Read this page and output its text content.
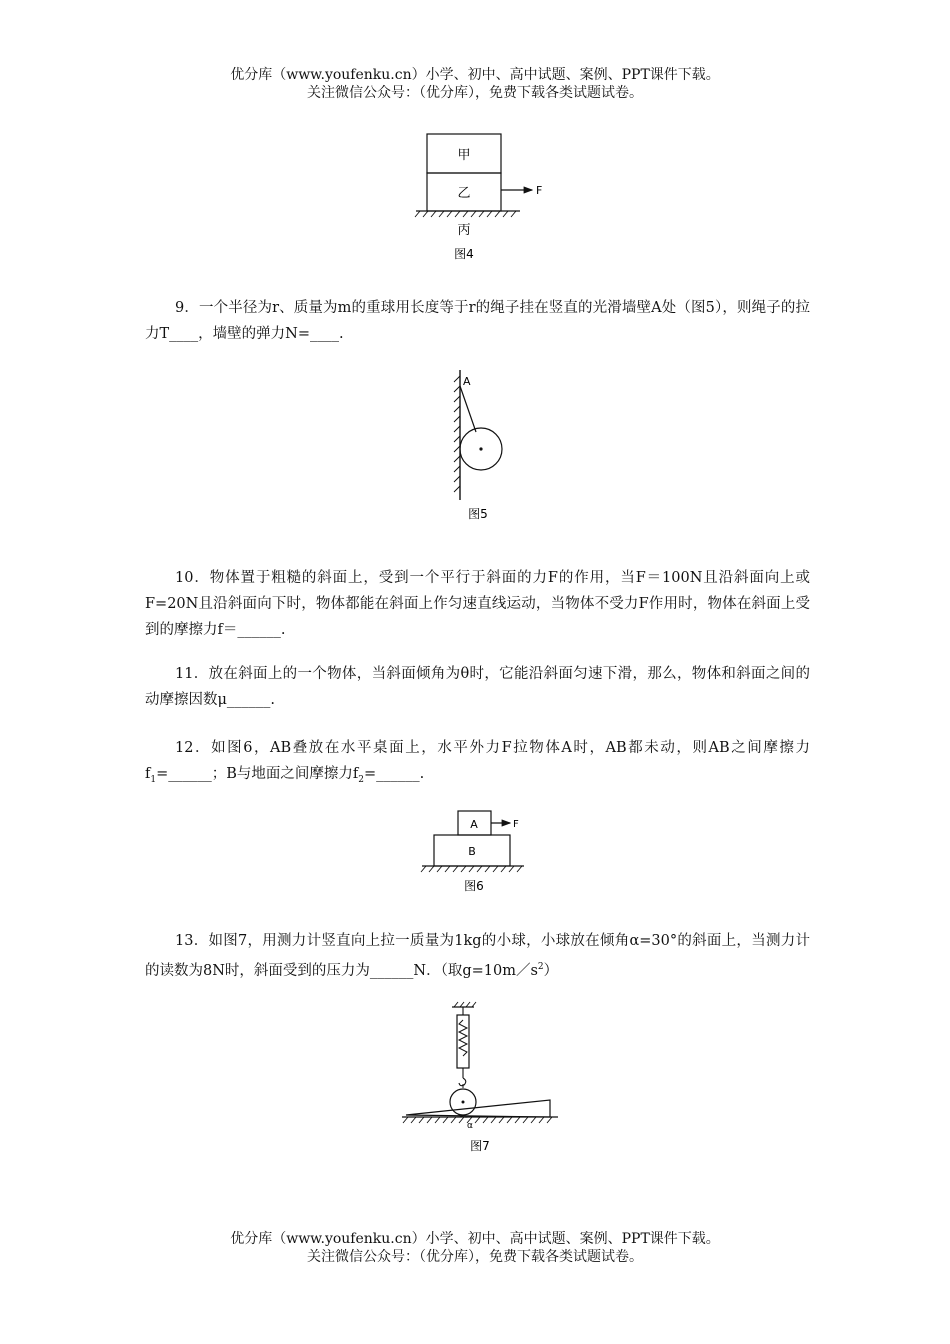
优分库（www.youfenku.cn）小学、初中、高中试题、案例、PPT课件下载。
关注微信公众号：（优分库），免费下载各类试题试卷。
甲
乙	F
丙
图4
9．一个半径为r、质量为m的重球用长度等于r的绳子挂在竖直的光滑墙壁A处（图5），则绳子的拉力T____，墙壁的弹力N=____.
A
图5
10．物体置于粗糙的斜面上，受到一个平行于斜面的力F的作用，当F＝100N且沿斜面向上或F=20N且沿斜面向下时，物体都能在斜面上作匀速直线运动，当物体不受力F作用时，物体在斜面上受到的摩擦力f＝______.
11．放在斜面上的一个物体，当斜面倾角为θ时，它能沿斜面匀速下滑，那么，物体和斜面之间的动摩擦因数μ______.
12．如图6，AB叠放在水平桌面上，水平外力F拉物体A时，AB都未动，则AB之间摩擦力$f_1=\_\_\_\_\_\_$；B与地面之间摩擦力$f_2=\_\_\_\_\_\_$.
A
B
F
图6
13．如图7，用测力计竖直向上拉一质量为1kg的小球，小球放在倾角α=30°的斜面上，当测力计的读数为8N时，斜面受到的压力为______N．（取$g=10m/s^2$）
α
图7
优分库（www.youfenku.cn）小学、初中、高中试题、案例、PPT课件下载。
关注微信公众号：（优分库），免费下载各类试题试卷。
